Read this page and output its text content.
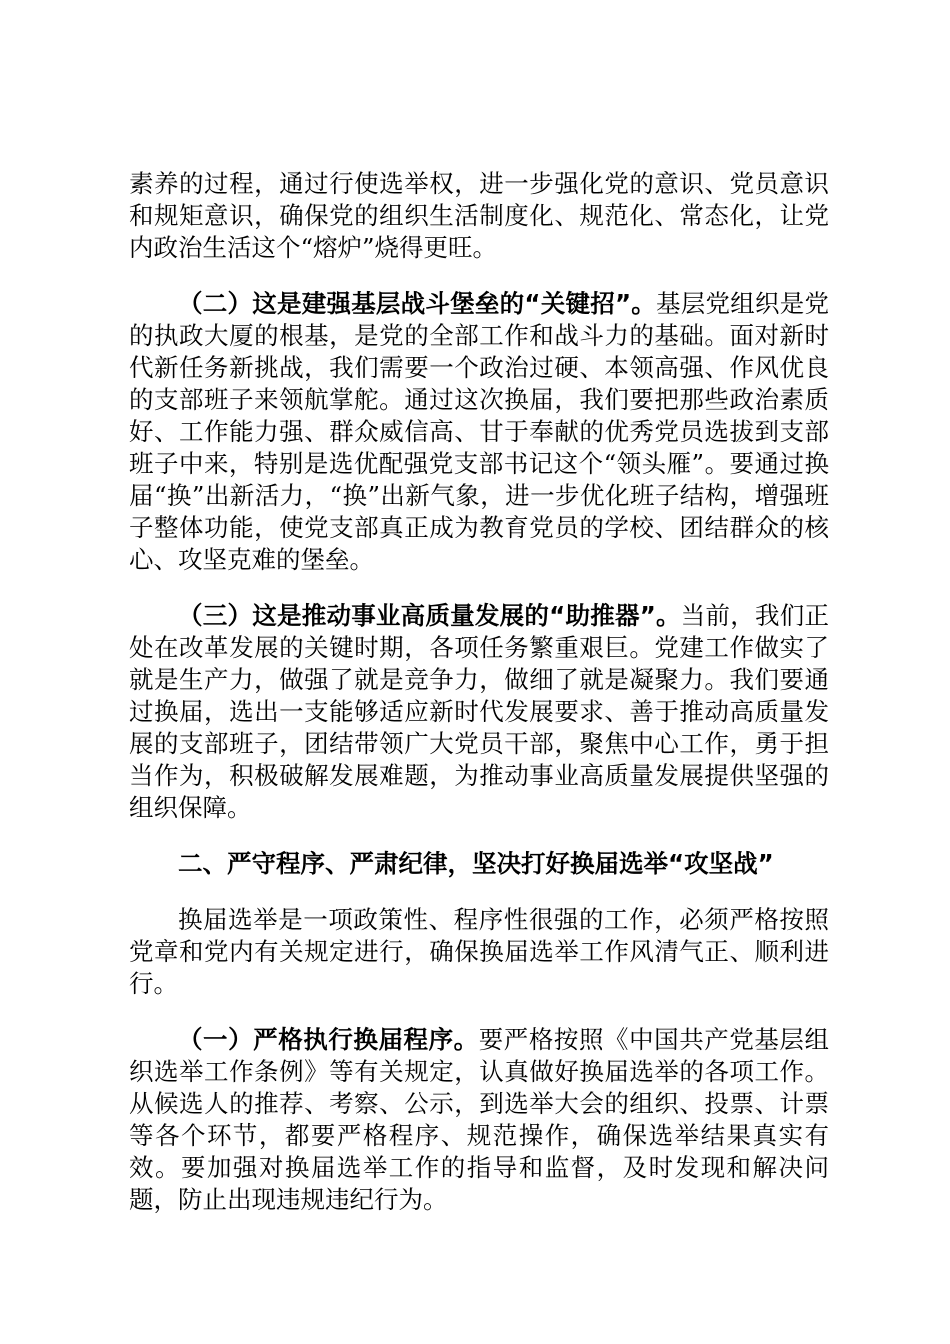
素养的过程，通过行使选举权，进一步强化党的意识、党员意识和规矩意识，确保党的组织生活制度化、规范化、常态化，让党内政治生活这个“熔炉”烧得更旺。

（二）这是建强基层战斗堡垒的“关键招”。基层党组织是党的执政大厦的根基，是党的全部工作和战斗力的基础。面对新时代新任务新挑战，我们需要一个政治过硬、本领高强、作风优良的支部班子来领航掌舵。通过这次换届，我们要把那些政治素质好、工作能力强、群众威信高、甘于奉献的优秀党员选拔到支部班子中来，特别是选优配强党支部书记这个“领头雁”。要通过换届“换”出新活力，“换”出新气象，进一步优化班子结构，增强班子整体功能，使党支部真正成为教育党员的学校、团结群众的核心、攻坚克难的堡垒。

（三）这是推动事业高质量发展的“助推器”。当前，我们正处在改革发展的关键时期，各项任务繁重艰巨。党建工作做实了就是生产力，做强了就是竞争力，做细了就是凝聚力。我们要通过换届，选出一支能够适应新时代发展要求、善于推动高质量发展的支部班子，团结带领广大党员干部，聚焦中心工作，勇于担当作为，积极破解发展难题，为推动事业高质量发展提供坚强的组织保障。

二、严守程序、严肃纪律，坚决打好换届选举“攻坚战”

换届选举是一项政策性、程序性很强的工作，必须严格按照党章和党内有关规定进行，确保换届选举工作风清气正、顺利进行。

（一）严格执行换届程序。要严格按照《中国共产党基层组织选举工作条例》等有关规定，认真做好换届选举的各项工作。从候选人的推荐、考察、公示，到选举大会的组织、投票、计票等各个环节，都要严格程序、规范操作，确保选举结果真实有效。要加强对换届选举工作的指导和监督，及时发现和解决问题，防止出现违规违纪行为。
